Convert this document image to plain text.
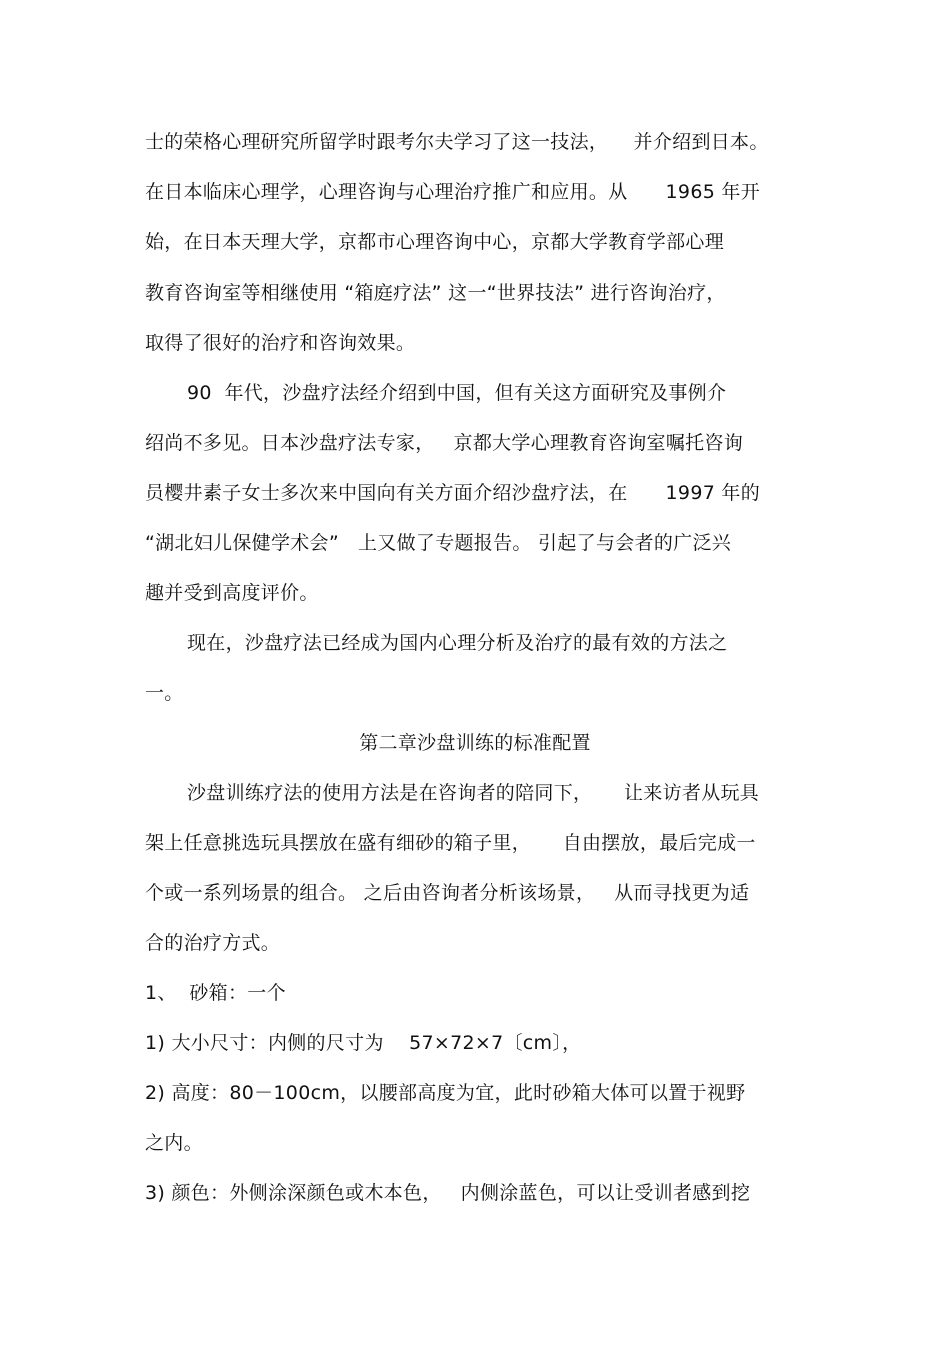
士的荣格心理研究所留学时跟考尔夫学习了这一技法，    并介绍到日本。
在日本临床心理学，心理咨询与心理治疗推广和应用。从      1965 年开
始，在日本天理大学，京都市心理咨询中心，京都大学教育学部心理
教育咨询室等相继使用 “箱庭疗法” 这一“世界技法” 进行咨询治疗，
取得了很好的治疗和咨询效果。
90  年代，沙盘疗法经介绍到中国，但有关这方面研究及事例介
绍尚不多见。日本沙盘疗法专家，   京都大学心理教育咨询室嘱托咨询
员樱井素子女士多次来中国向有关方面介绍沙盘疗法，在      1997 年的
“湖北妇儿保健学术会”   上又做了专题报告。 引起了与会者的广泛兴
趣并受到高度评价。
现在，沙盘疗法已经成为国内心理分析及治疗的最有效的方法之
一。
第二章沙盘训练的标准配置
沙盘训练疗法的使用方法是在咨询者的陪同下，     让来访者从玩具
架上任意挑选玩具摆放在盛有细砂的箱子里，     自由摆放，最后完成一
个或一系列场景的组合。 之后由咨询者分析该场景，   从而寻找更为适
合的治疗方式。
1、  砂箱：一个
1) 大小尺寸：内侧的尺寸为    57×72×7〔cm〕，
2) 高度：80－100cm，以腰部高度为宜，此时砂箱大体可以置于视野
之内。
3) 颜色：外侧涂深颜色或木本色，   内侧涂蓝色，可以让受训者感到挖
